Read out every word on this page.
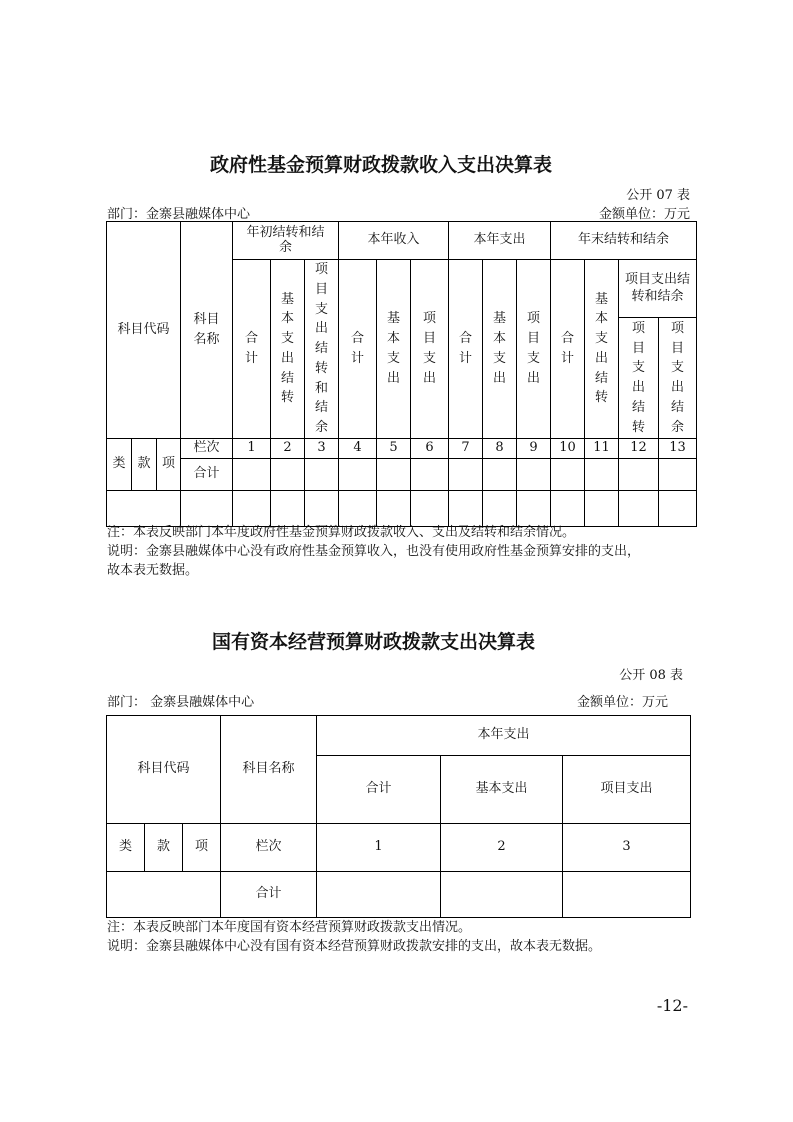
政府性基金预算财政拨款收入支出决算表
公开 07 表
部门：金寨县融媒体中心	金额单位：万元
科目代码			科目名称	年初结转和结余			本年收入			本年支出			年末结转和结余			
				合计	基本支出结转	项目支出结转和结余	合计	基本支出	项目支出	合计	基本支出	项目支出	合计	基本支出结转	项目支出结转和结余	
															项目支出结转	项目支出结余
类	款	项	栏次	1	2	3	4	5	6	7	8	9	10	11	12	13
			合计													

注：本表反映部门本年度政府性基金预算财政拨款收入、支出及结转和结余情况。
说明：金寨县融媒体中心没有政府性基金预算收入，也没有使用政府性基金预算安排的支出，
故本表无数据。
国有资本经营预算财政拨款支出决算表
公开 08 表
部门： 金寨县融媒体中心	金额单位：万元
科目代码			科目名称	本年支出		
				合计	基本支出	项目支出
类	款	项	栏次	1	2	3
			合计			
注：本表反映部门本年度国有资本经营预算财政拨款支出情况。
说明：金寨县融媒体中心没有国有资本经营预算财政拨款安排的支出，故本表无数据。
-12-
